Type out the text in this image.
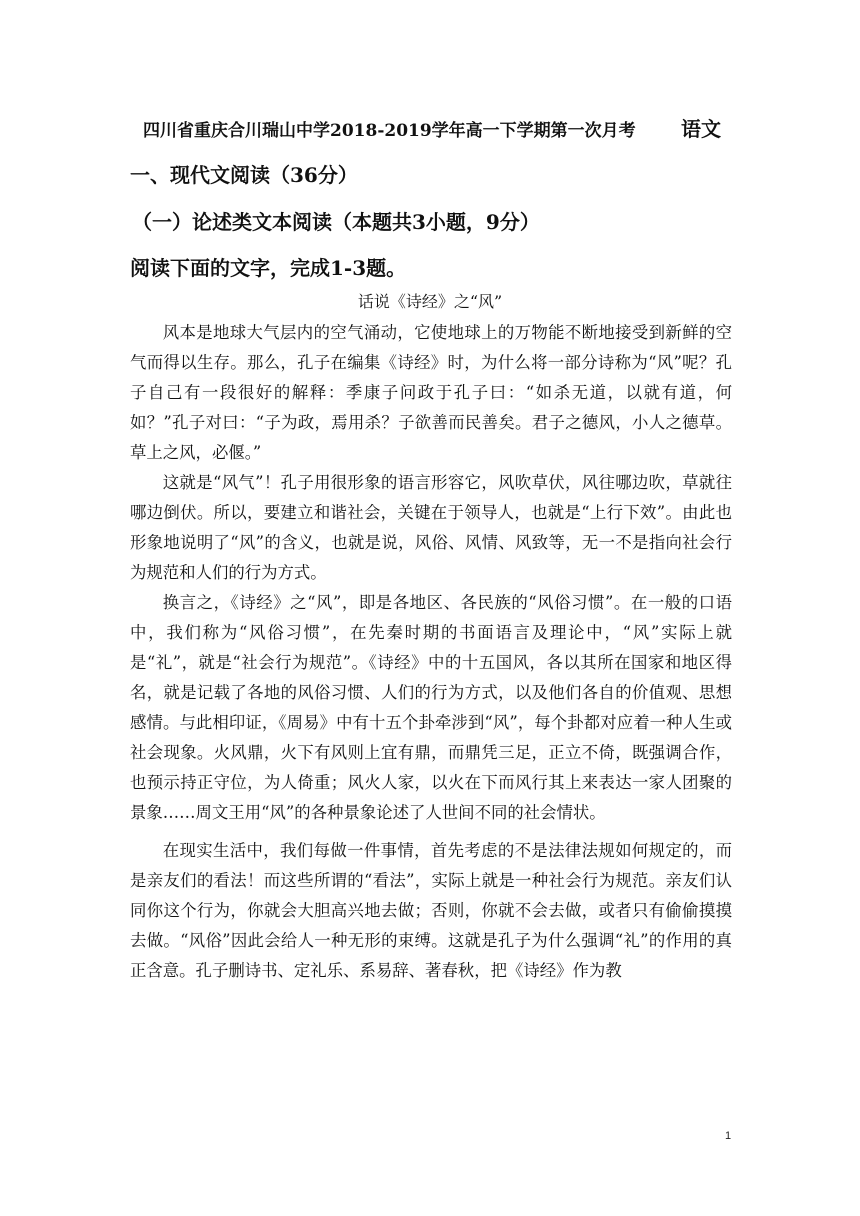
四川省重庆合川瑞山中学2018-2019学年高一下学期第一次月考 语文
一、现代文阅读（36分）
（一）论述类文本阅读（本题共3小题，9分）
阅读下面的文字，完成1-3题。
话说《诗经》之“风”

风本是地球大气层内的空气涌动，它使地球上的万物能不断地接受到新鲜的空气而得以生存。那么，孔子在编集《诗经》时，为什么将一部分诗称为“风”呢？孔子自己有一段很好的解释：季康子问政于孔子曰：“如杀无道，以就有道，何如？”孔子对曰：“子为政，焉用杀？子欲善而民善矣。君子之德风，小人之德草。草上之风，必偃。”

这就是“风气”！孔子用很形象的语言形容它，风吹草伏，风往哪边吹，草就往哪边倒伏。所以，要建立和谐社会，关键在于领导人，也就是“上行下效”。由此也形象地说明了“风”的含义，也就是说，风俗、风情、风致等，无一不是指向社会行为规范和人们的行为方式。

换言之，《诗经》之“风”，即是各地区、各民族的“风俗习惯”。在一般的口语中，我们称为“风俗习惯”，在先秦时期的书面语言及理论中，“风”实际上就是“礼”，就是“社会行为规范”。《诗经》中的十五国风，各以其所在国家和地区得名，就是记载了各地的风俗习惯、人们的行为方式，以及他们各自的价值观、思想感情。与此相印证，《周易》中有十五个卦牵涉到“风”，每个卦都对应着一种人生或社会现象。火风鼎，火下有风则上宜有鼎，而鼎凭三足，正立不倚，既强调合作，也预示持正守位，为人倚重；风火人家，以火在下而风行其上来表达一家人团聚的景象……周文王用“风”的各种景象论述了人世间不同的社会情状。

在现实生活中，我们每做一件事情，首先考虑的不是法律法规如何规定的，而是亲友们的看法！而这些所谓的“看法”，实际上就是一种社会行为规范。亲友们认同你这个行为，你就会大胆高兴地去做；否则，你就不会去做，或者只有偷偷摸摸去做。“风俗”因此会给人一种无形的束缚。这就是孔子为什么强调“礼”的作用的真正含意。孔子删诗书、定礼乐、系易辞、著春秋，把《诗经》作为教

1
